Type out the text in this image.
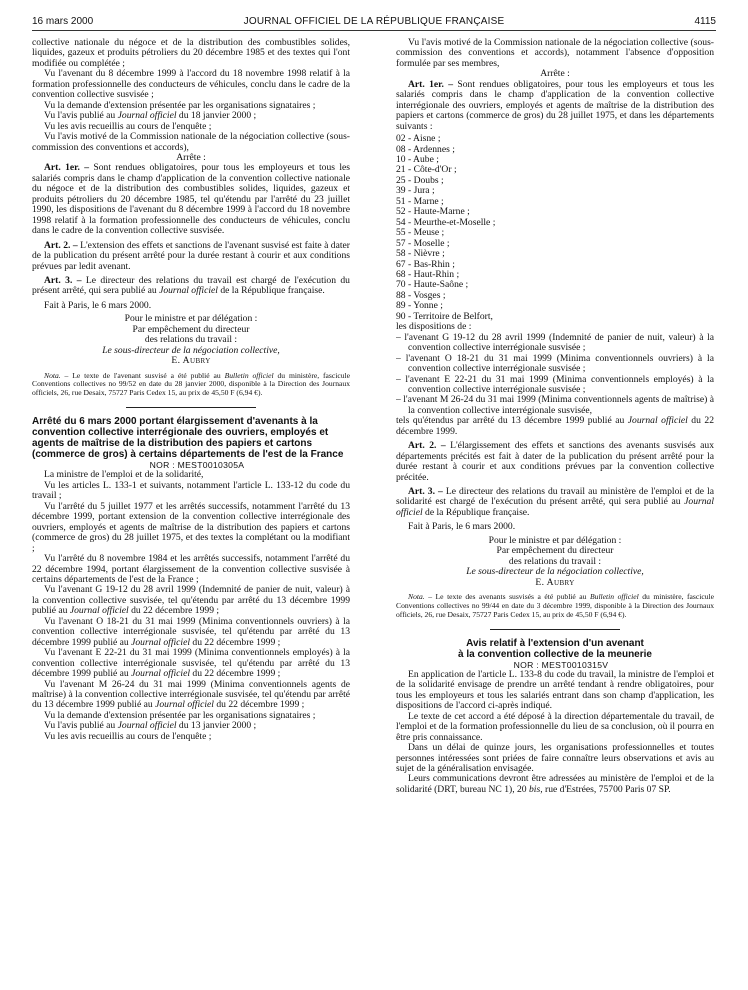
16 mars 2000	JOURNAL OFFICIEL DE LA RÉPUBLIQUE FRANÇAISE	4115

collective nationale du négoce et de la distribution des combustibles solides, liquides, gazeux et produits pétroliers du 20 décembre 1985 et des textes qui l'ont modifiée ou complétée ;

Vu l'avenant du 8 décembre 1999 à l'accord du 18 novembre 1998 relatif à la formation professionnelle des conducteurs de véhicules, conclu dans le cadre de la convention collective susvisée ;

Vu la demande d'extension présentée par les organisations signataires ;

Vu l'avis publié au Journal officiel du 18 janvier 2000 ;

Vu les avis recueillis au cours de l'enquête ;

Vu l'avis motivé de la Commission nationale de la négociation collective (sous-commission des conventions et accords),

Arrête :

Art. 1er. – Sont rendues obligatoires, pour tous les employeurs et tous les salariés compris dans le champ d'application de la convention collective nationale du négoce et de la distribution des combustibles solides, liquides, gazeux et produits pétroliers du 20 décembre 1985, tel qu'étendu par l'arrêté du 23 juillet 1990, les dispositions de l'avenant du 8 décembre 1999 à l'accord du 18 novembre 1998 relatif à la formation professionnelle des conducteurs de véhicules, conclu dans le cadre de la convention collective susvisée.

Art. 2. – L'extension des effets et sanctions de l'avenant susvisé est faite à dater de la publication du présent arrêté pour la durée restant à courir et aux conditions prévues par ledit avenant.

Art. 3. – Le directeur des relations du travail est chargé de l'exécution du présent arrêté, qui sera publié au Journal officiel de la République française.

Fait à Paris, le 6 mars 2000.

Pour le ministre et par délégation :
Par empêchement du directeur
des relations du travail :
Le sous-directeur de la négociation collective,
E. Aubry

Nota. – Le texte de l'avenant susvisé a été publié au Bulletin officiel du ministère, fascicule Conventions collectives no 99/52 en date du 28 janvier 2000, disponible à la Direction des Journaux officiels, 26, rue Desaix, 75727 Paris Cedex 15, au prix de 45,50 F (6,94 €).

Arrêté du 6 mars 2000 portant élargissement d'avenants à la convention collective interrégionale des ouvriers, employés et agents de maîtrise de la distribution des papiers et cartons (commerce de gros) à certains départements de l'est de la France

NOR : MESТ0010305A

La ministre de l'emploi et de la solidarité,

Vu les articles L. 133-1 et suivants, notamment l'article L. 133-12 du code du travail ;

Vu l'arrêté du 5 juillet 1977 et les arrêtés successifs, notamment l'arrêté du 13 décembre 1999, portant extension de la convention collective interrégionale des ouvriers, employés et agents de maîtrise de la distribution des papiers et cartons (commerce de gros) du 28 juillet 1975, et des textes la complétant ou la modifiant ;

Vu l'arrêté du 8 novembre 1984 et les arrêtés successifs, notamment l'arrêté du 22 décembre 1994, portant élargissement de la convention collective susvisée à certains départements de l'est de la France ;

Vu l'avenant G 19-12 du 28 avril 1999 (Indemnité de panier de nuit, valeur) à la convention collective susvisée, tel qu'étendu par arrêté du 13 décembre 1999 publié au Journal officiel du 22 décembre 1999 ;

Vu l'avenant O 18-21 du 31 mai 1999 (Minima conventionnels ouvriers) à la convention collective interrégionale susvisée, tel qu'étendu par arrêté du 13 décembre 1999 publié au Journal officiel du 22 décembre 1999 ;

Vu l'avenant E 22-21 du 31 mai 1999 (Minima conventionnels employés) à la convention collective interrégionale susvisée, tel qu'étendu par arrêté du 13 décembre 1999 publié au Journal officiel du 22 décembre 1999 ;

Vu l'avenant M 26-24 du 31 mai 1999 (Minima conventionnels agents de maîtrise) à la convention collective interrégionale susvisée, tel qu'étendu par arrêté du 13 décembre 1999 publié au Journal officiel du 22 décembre 1999 ;

Vu la demande d'extension présentée par les organisations signataires ;

Vu l'avis publié au Journal officiel du 13 janvier 2000 ;

Vu les avis recueillis au cours de l'enquête ;

Vu l'avis motivé de la Commission nationale de la négociation collective (sous-commission des conventions et accords), notamment l'absence d'opposition formulée par ses membres,

Arrête :

Art. 1er. – Sont rendues obligatoires, pour tous les employeurs et tous les salariés compris dans le champ d'application de la convention collective interrégionale des ouvriers, employés et agents de maîtrise de la distribution des papiers et cartons (commerce de gros) du 28 juillet 1975, et dans les départements suivants :

02 - Aisne ;

08 - Ardennes ;

10 - Aube ;

21 - Côte-d'Or ;

25 - Doubs ;

39 - Jura ;

51 - Marne ;

52 - Haute-Marne ;

54 - Meurthe-et-Moselle ;

55 - Meuse ;

57 - Moselle ;

58 - Nièvre ;

67 - Bas-Rhin ;

68 - Haut-Rhin ;

70 - Haute-Saône ;

88 - Vosges ;

89 - Yonne ;

90 - Territoire de Belfort,

les dispositions de :

– l'avenant G 19-12 du 28 avril 1999 (Indemnité de panier de nuit, valeur) à la convention collective interrégionale susvisée ;

– l'avenant O 18-21 du 31 mai 1999 (Minima conventionnels ouvriers) à la convention collective interrégionale susvisée ;

– l'avenant E 22-21 du 31 mai 1999 (Minima conventionnels employés) à la convention collective interrégionale susvisée ;

– l'avenant M 26-24 du 31 mai 1999 (Minima conventionnels agents de maîtrise) à la convention collective interrégionale susvisée,

tels qu'étendus par arrêté du 13 décembre 1999 publié au Journal officiel du 22 décembre 1999.

Art. 2. – L'élargissement des effets et sanctions des avenants susvisés aux départements précités est fait à dater de la publication du présent arrêté pour la durée restant à courir et aux conditions prévues par la convention collective précitée.

Art. 3. – Le directeur des relations du travail au ministère de l'emploi et de la solidarité est chargé de l'exécution du présent arrêté, qui sera publié au Journal officiel de la République française.

Fait à Paris, le 6 mars 2000.

Pour le ministre et par délégation :
Par empêchement du directeur
des relations du travail :
Le sous-directeur de la négociation collective,
E. Aubry

Nota. – Le texte des avenants susvisés a été publié au Bulletin officiel du ministère, fascicule Conventions collectives no 99/44 en date du 3 décembre 1999, disponible à la Direction des Journaux officiels, 26, rue Desaix, 75727 Paris Cedex 15, au prix de 45,50 F (6,94 €).

Avis relatif à l'extension d'un avenant
à la convention collective de la meunerie

NOR : MEST0010315V

En application de l'article L. 133-8 du code du travail, la ministre de l'emploi et de la solidarité envisage de prendre un arrêté tendant à rendre obligatoires, pour tous les employeurs et tous les salariés entrant dans son champ d'application, les dispositions de l'accord ci-après indiqué.

Le texte de cet accord a été déposé à la direction départementale du travail, de l'emploi et de la formation professionnelle du lieu de sa conclusion, où il pourra en être pris connaissance.

Dans un délai de quinze jours, les organisations professionnelles et toutes personnes intéressées sont priées de faire connaître leurs observations et avis au sujet de la généralisation envisagée.

Leurs communications devront être adressées au ministère de l'emploi et de la solidarité (DRT, bureau NC 1), 20 bis, rue d'Estrées, 75700 Paris 07 SP.
